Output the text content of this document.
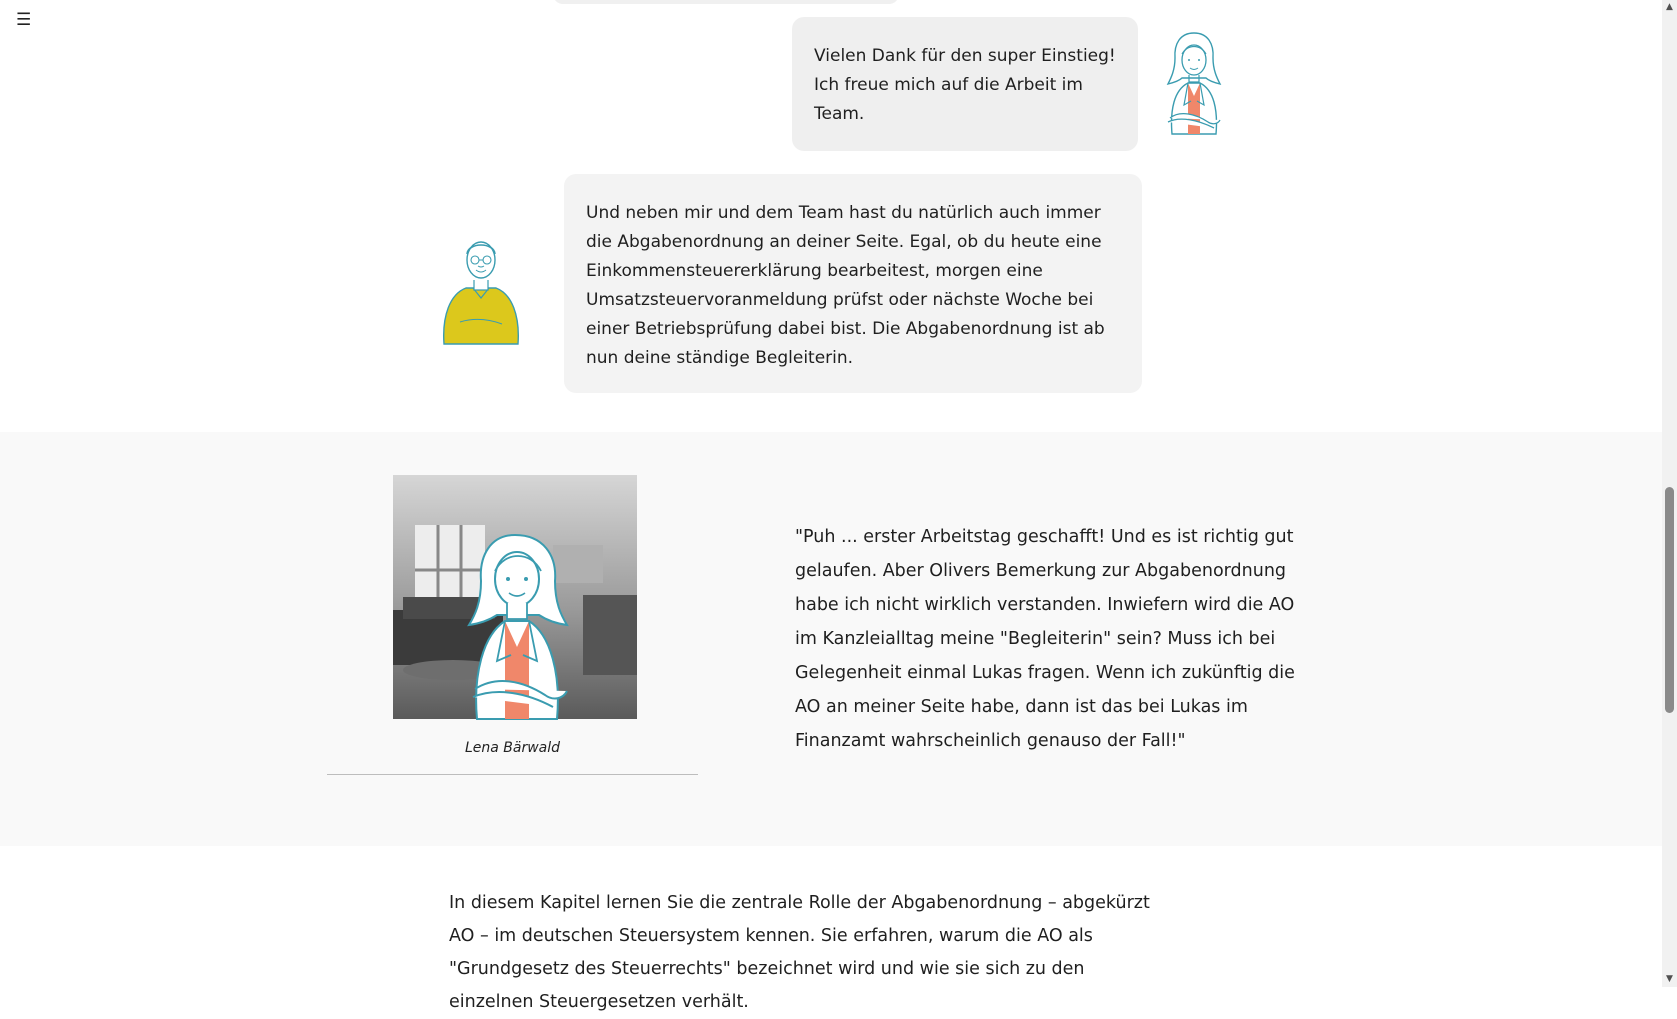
☰
Vielen Dank für den super Einstieg! Ich freue mich auf die Arbeit im Team.
Und neben mir und dem Team hast du natürlich auch immer die Abgabenordnung an deiner Seite. Egal, ob du heute eine Einkommensteuererklärung bearbeitest, morgen eine Umsatzsteuervoranmeldung prüfst oder nächste Woche bei einer Betriebsprüfung dabei bist. Die Abgabenordnung ist ab nun deine ständige Begleiterin.
Lena Bärwald
"Puh ... erster Arbeitstag geschafft! Und es ist richtig gut gelaufen. Aber Olivers Bemerkung zur Abgabenordnung habe ich nicht wirklich verstanden. Inwiefern wird die AO im Kanzleialltag meine "Begleiterin" sein? Muss ich bei Gelegenheit einmal Lukas fragen. Wenn ich zukünftig die AO an meiner Seite habe, dann ist das bei Lukas im Finanzamt wahrscheinlich genauso der Fall!"
In diesem Kapitel lernen Sie die zentrale Rolle der Abgabenordnung – abgekürzt AO – im deutschen Steuersystem kennen. Sie erfahren, warum die AO als "Grundgesetz des Steuerrechts" bezeichnet wird und wie sie sich zu den einzelnen Steuergesetzen verhält.
▲
▼
